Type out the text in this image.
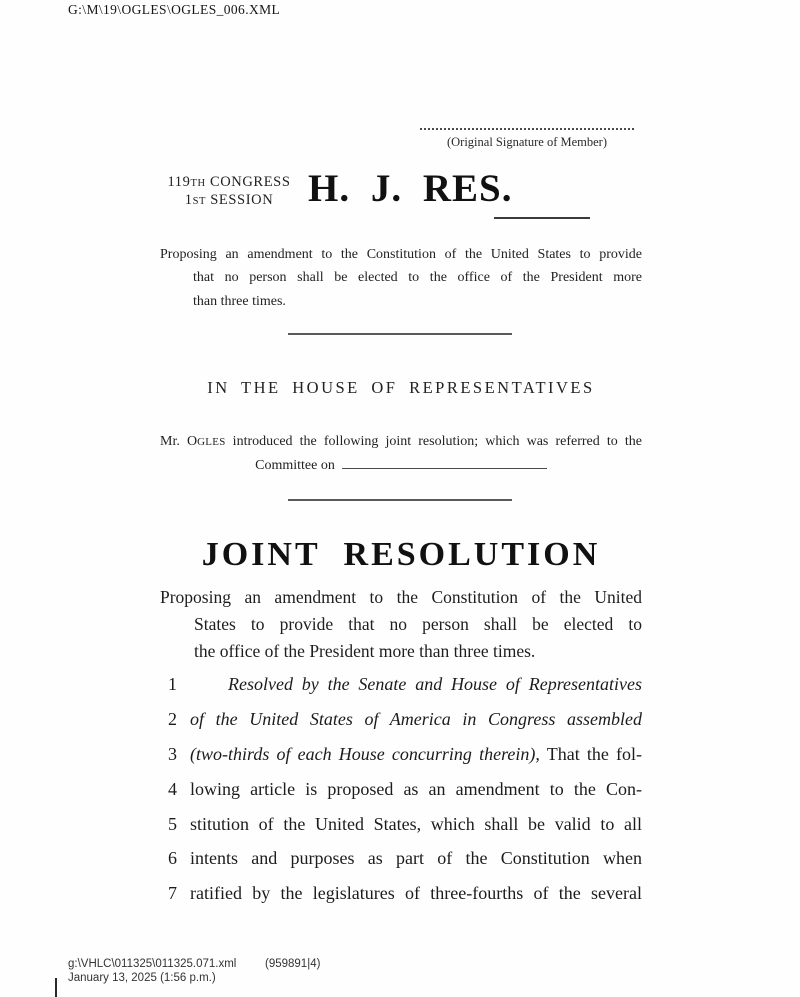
G:\M\19\OGLES\OGLES_006.XML
(Original Signature of Member)
119TH CONGRESS
1ST SESSION H. J. RES.
Proposing an amendment to the Constitution of the United States to provide
that no person shall be elected to the office of the President more
than three times.
IN THE HOUSE OF REPRESENTATIVES
Mr. OGLES introduced the following joint resolution; which was referred to the
Committee on
JOINT RESOLUTION
Proposing an amendment to the Constitution of the United
States to provide that no person shall be elected to
the office of the President more than three times.
1	Resolved by the Senate and House of Representatives
2 of the United States of America in Congress assembled
3 (two-thirds of each House concurring therein), That the fol-
4 lowing article is proposed as an amendment to the Con-
5 stitution of the United States, which shall be valid to all
6 intents and purposes as part of the Constitution when
7 ratified by the legislatures of three-fourths of the several
g:\VHLC\011325\011325.071.xml (959891|4)
January 13, 2025 (1:56 p.m.)
